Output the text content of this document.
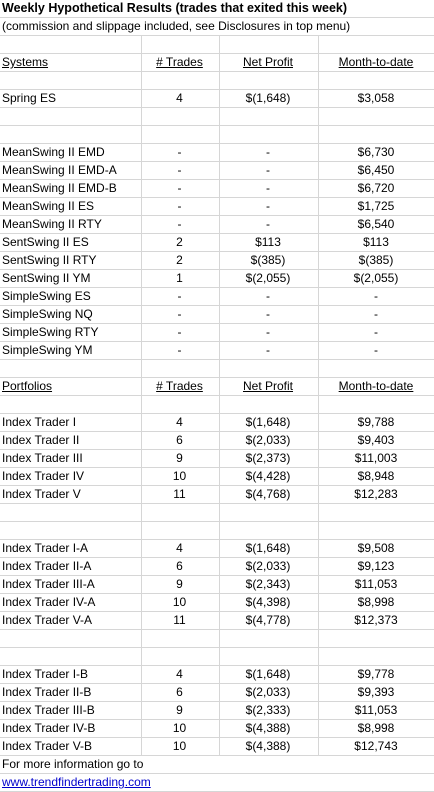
Weekly Hypothetical Results (trades that exited this week)
(commission and slippage included, see Disclosures in top menu)
Systems	# Trades	Net Profit	Month-to-date
Spring ES	4	$(1,648)	$3,058
MeanSwing II EMD	-	-	$6,730
MeanSwing II EMD-A	-	-	$6,450
MeanSwing II EMD-B	-	-	$6,720
MeanSwing II ES	-	-	$1,725
MeanSwing II RTY	-	-	$6,540
SentSwing II ES	2	$113	$113
SentSwing II RTY	2	$(385)	$(385)
SentSwing II YM	1	$(2,055)	$(2,055)
SimpleSwing ES	-	-	-
SimpleSwing NQ	-	-	-
SimpleSwing RTY	-	-	-
SimpleSwing YM	-	-	-
Portfolios	# Trades	Net Profit	Month-to-date
Index Trader I	4	$(1,648)	$9,788
Index Trader II	6	$(2,033)	$9,403
Index Trader III	9	$(2,373)	$11,003
Index Trader IV	10	$(4,428)	$8,948
Index Trader V	11	$(4,768)	$12,283
Index Trader I-A	4	$(1,648)	$9,508
Index Trader II-A	6	$(2,033)	$9,123
Index Trader III-A	9	$(2,343)	$11,053
Index Trader IV-A	10	$(4,398)	$8,998
Index Trader V-A	11	$(4,778)	$12,373
Index Trader I-B	4	$(1,648)	$9,778
Index Trader II-B	6	$(2,033)	$9,393
Index Trader III-B	9	$(2,333)	$11,053
Index Trader IV-B	10	$(4,388)	$8,998
Index Trader V-B	10	$(4,388)	$12,743
For more information go to
www.trendfindertrading.com
